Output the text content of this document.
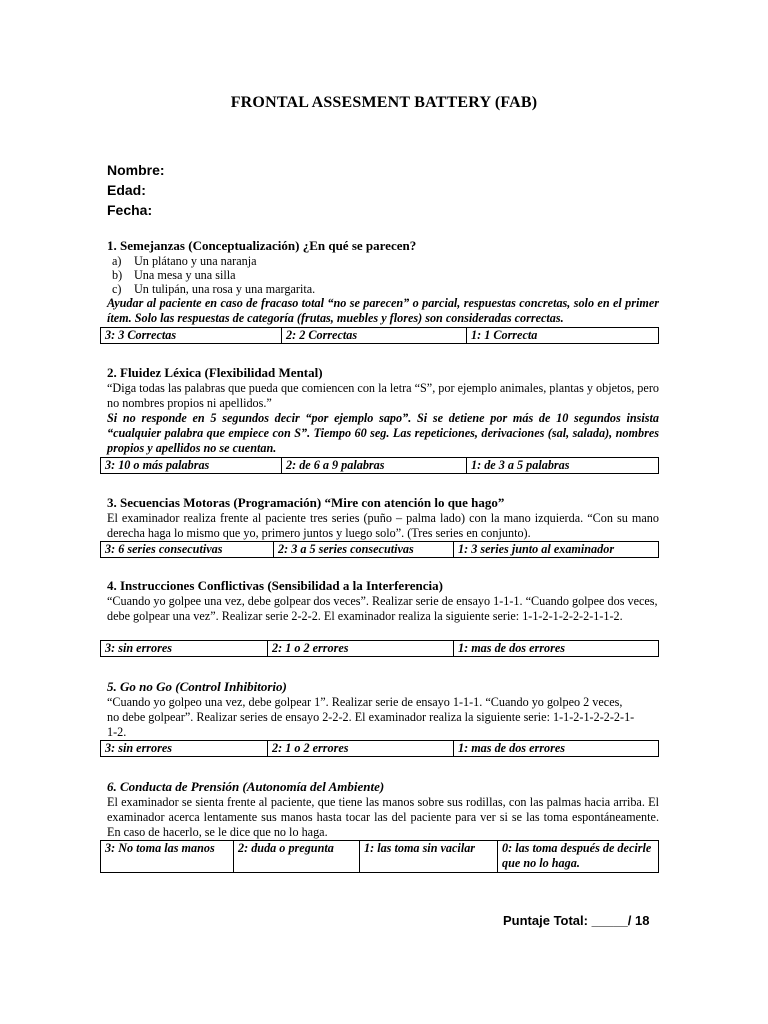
FRONTAL ASSESMENT BATTERY (FAB)
Nombre:
Edad:
Fecha:
1. Semejanzas (Conceptualización) ¿En qué se parecen?
a) Un plátano y una naranja
b) Una mesa y una silla
c) Un tulipán, una rosa y una margarita.

Ayudar al paciente en caso de fracaso total “no se parecen” o parcial, respuestas concretas, solo en el primer ítem. Solo las respuestas de categoría (frutas, muebles y flores) son consideradas correctas.

3: 3 Correctas	2: 2 Correctas	1: 1 Correcta
2. Fluidez Léxica (Flexibilidad Mental)

“Diga todas las palabras que pueda que comiencen con la letra “S”, por ejemplo animales, plantas y objetos, pero no nombres propios ni apellidos.”

Si no responde en 5 segundos decir “por ejemplo sapo”. Si se detiene por más de 10 segundos insista “cualquier palabra que empiece con S”. Tiempo 60 seg. Las repeticiones, derivaciones (sal, salada), nombres propios y apellidos no se cuentan.

3: 10 o más palabras	2: de 6 a 9 palabras	1: de 3 a 5 palabras
3. Secuencias Motoras (Programación) “Mire con atención lo que hago”

El examinador realiza frente al paciente tres series (puño – palma lado) con la mano izquierda. “Con su mano derecha haga lo mismo que yo, primero juntos y luego solo”. (Tres series en conjunto).

3: 6 series consecutivas	2: 3 a 5 series consecutivas	1: 3 series junto al examinador
4. Instrucciones Conflictivas (Sensibilidad a la Interferencia)

“Cuando yo golpee una vez, debe golpear dos veces”. Realizar serie de ensayo 1-1-1. “Cuando golpee dos veces, debe golpear una vez”. Realizar serie 2-2-2. El examinador realiza la siguiente serie: 1-1-2-1-2-2-2-1-1-2.

3: sin errores	2: 1 o 2 errores	1: mas de dos errores
5. Go no Go (Control Inhibitorio)

“Cuando yo golpeo una vez, debe golpear 1”. Realizar serie de ensayo 1-1-1. “Cuando yo golpeo 2 veces,

no debe golpear”. Realizar series de ensayo 2-2-2. El examinador realiza la siguiente serie: 1-1-2-1-2-2-2-1-

1-2.

3: sin errores	2: 1 o 2 errores	1: mas de dos errores
6. Conducta de Prensión (Autonomía del Ambiente)

El examinador se sienta frente al paciente, que tiene las manos sobre sus rodillas, con las palmas hacia arriba. El examinador acerca lentamente sus manos hasta tocar las del paciente para ver si se las toma espontáneamente. En caso de hacerlo, se le dice que no lo haga.

3: No toma las manos	2: duda o pregunta	1: las toma sin vacilar	0: las toma después de decirle que no lo haga.
Puntaje Total: _____/ 18
